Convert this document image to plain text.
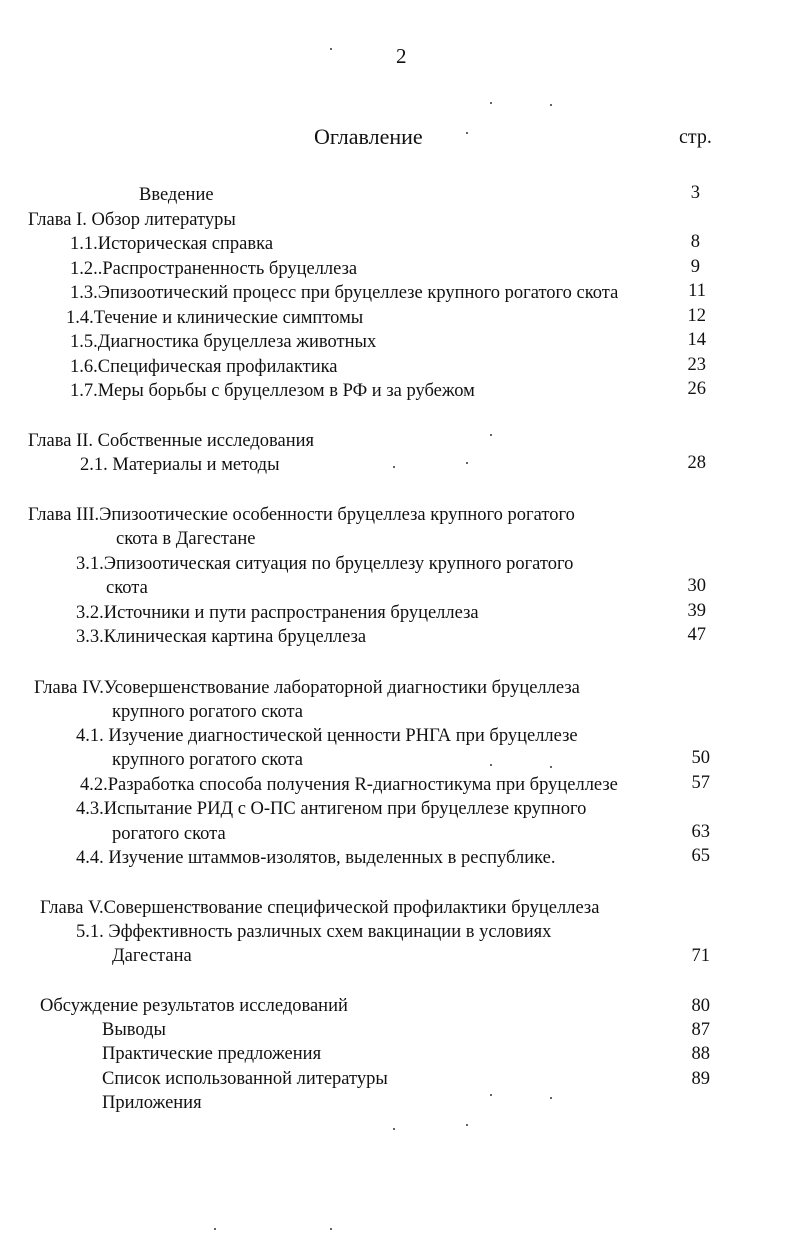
2
Оглавление	стр.
Введение	3
Глава I. Обзор литературы
1.1.Историческая справка	8
1.2..Распространенность бруцеллеза	9
1.3.Эпизоотический процесс при бруцеллезе крупного рогатого скота	11
1.4.Течение и клинические симптомы	12
1.5.Диагностика бруцеллеза животных	14
1.6.Специфическая профилактика	23
1.7.Меры борьбы с бруцеллезом в РФ и за рубежом	26
Глава II. Собственные исследования
2.1. Материалы и методы	28
Глава III.Эпизоотические особенности бруцеллеза крупного рогатого
скота в Дагестане
3.1.Эпизоотическая ситуация по бруцеллезу крупного рогатого
скота	30
3.2.Источники и пути распространения бруцеллеза	39
3.3.Клиническая картина бруцеллеза	47
Глава IV.Усовершенствование лабораторной диагностики бруцеллеза
крупного рогатого скота
4.1. Изучение диагностической ценности РНГА при бруцеллезе
крупного рогатого скота	50
4.2.Разработка способа получения R-диагностикума при бруцеллезе	57
4.3.Испытание РИД с О-ПС антигеном при бруцеллезе крупного
рогатого скота	63
4.4. Изучение штаммов-изолятов, выделенных в республике.	65
Глава V.Совершенствование специфической профилактики бруцеллеза
5.1. Эффективность различных схем вакцинации в условиях
Дагестана	71
Обсуждение результатов исследований	80
Выводы	87
Практические предложения	88
Список использованной литературы	89
Приложения
